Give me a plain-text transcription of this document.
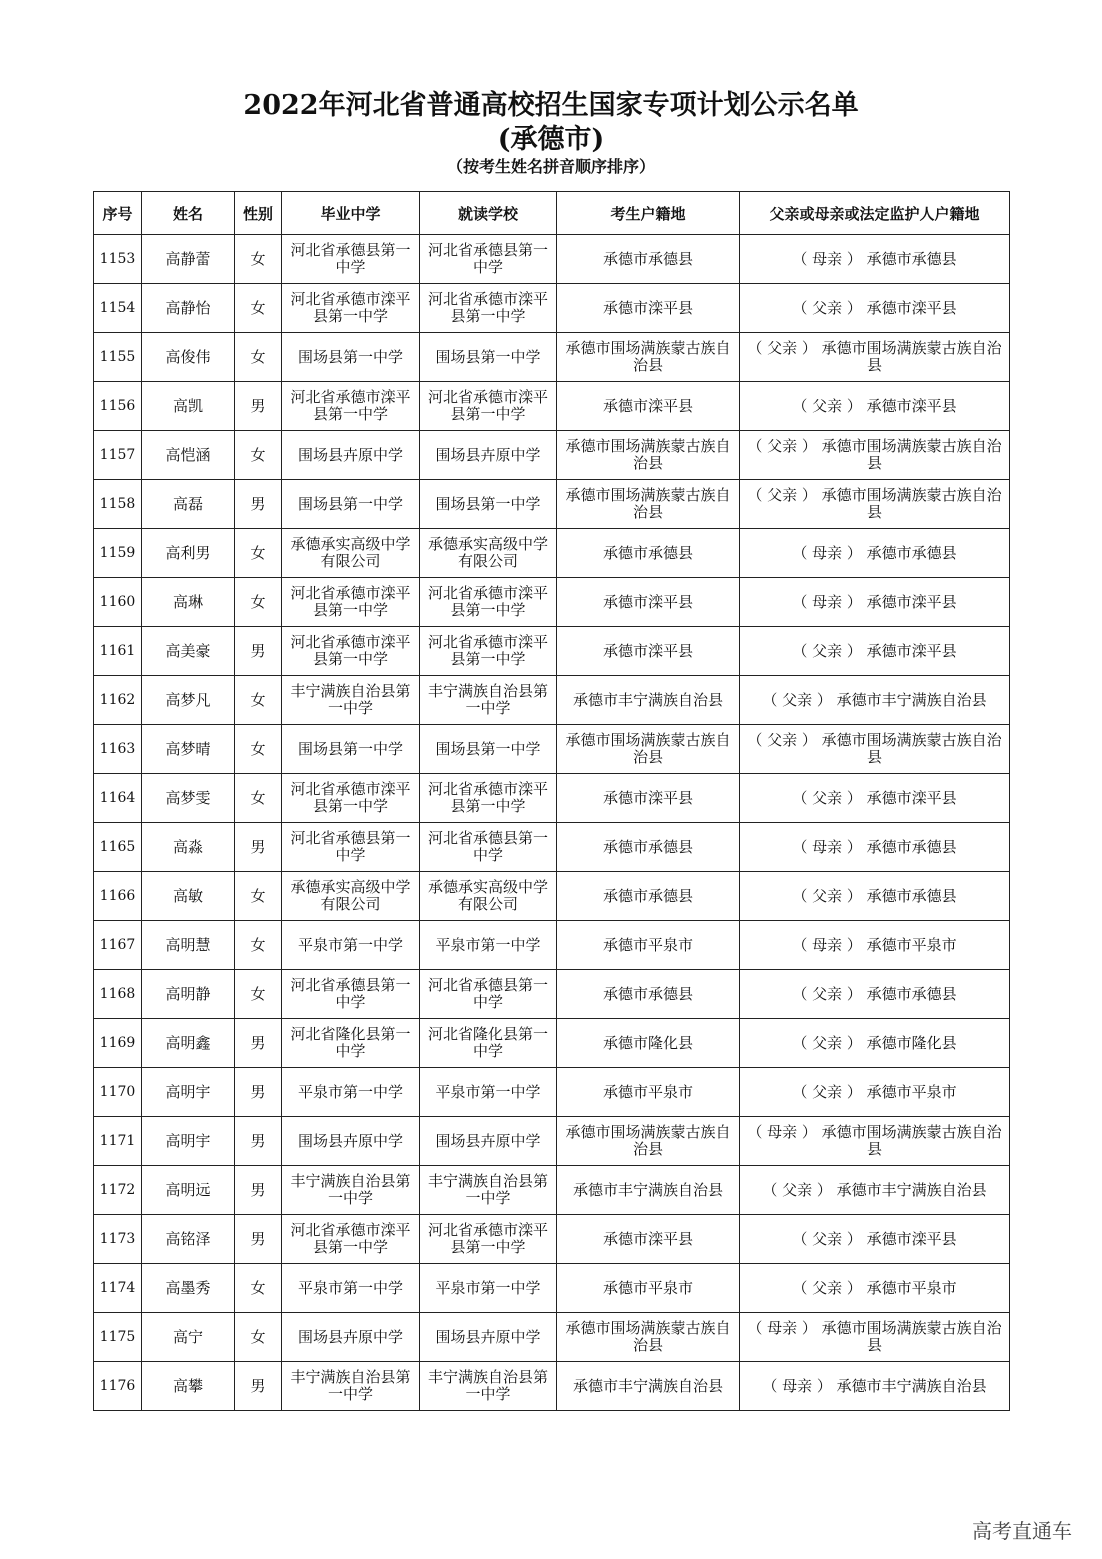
2022年河北省普通高校招生国家专项计划公示名单
(承德市)
（按考生姓名拼音顺序排序）
序号	姓名	性别	毕业中学	就读学校	考生户籍地	父亲或母亲或法定监护人户籍地
1153	高静蕾	女	河北省承德县第一中学	河北省承德县第一中学	承德市承德县	（ 母亲 ） 承德市承德县
1154	高静怡	女	河北省承德市滦平县第一中学	河北省承德市滦平县第一中学	承德市滦平县	（ 父亲 ） 承德市滦平县
1155	高俊伟	女	围场县第一中学	围场县第一中学	承德市围场满族蒙古族自治县	（ 父亲 ） 承德市围场满族蒙古族自治县
1156	高凯	男	河北省承德市滦平县第一中学	河北省承德市滦平县第一中学	承德市滦平县	（ 父亲 ） 承德市滦平县
1157	高恺涵	女	围场县卉原中学	围场县卉原中学	承德市围场满族蒙古族自治县	（ 父亲 ） 承德市围场满族蒙古族自治县
1158	高磊	男	围场县第一中学	围场县第一中学	承德市围场满族蒙古族自治县	（ 父亲 ） 承德市围场满族蒙古族自治县
1159	高利男	女	承德承实高级中学有限公司	承德承实高级中学有限公司	承德市承德县	（ 母亲 ） 承德市承德县
1160	高琳	女	河北省承德市滦平县第一中学	河北省承德市滦平县第一中学	承德市滦平县	（ 母亲 ） 承德市滦平县
1161	高美豪	男	河北省承德市滦平县第一中学	河北省承德市滦平县第一中学	承德市滦平县	（ 父亲 ） 承德市滦平县
1162	高梦凡	女	丰宁满族自治县第一中学	丰宁满族自治县第一中学	承德市丰宁满族自治县	（ 父亲 ） 承德市丰宁满族自治县
1163	高梦晴	女	围场县第一中学	围场县第一中学	承德市围场满族蒙古族自治县	（ 父亲 ） 承德市围场满族蒙古族自治县
1164	高梦雯	女	河北省承德市滦平县第一中学	河北省承德市滦平县第一中学	承德市滦平县	（ 父亲 ） 承德市滦平县
1165	高淼	男	河北省承德县第一中学	河北省承德县第一中学	承德市承德县	（ 母亲 ） 承德市承德县
1166	高敏	女	承德承实高级中学有限公司	承德承实高级中学有限公司	承德市承德县	（ 父亲 ） 承德市承德县
1167	高明慧	女	平泉市第一中学	平泉市第一中学	承德市平泉市	（ 母亲 ） 承德市平泉市
1168	高明静	女	河北省承德县第一中学	河北省承德县第一中学	承德市承德县	（ 父亲 ） 承德市承德县
1169	高明鑫	男	河北省隆化县第一中学	河北省隆化县第一中学	承德市隆化县	（ 父亲 ） 承德市隆化县
1170	高明宇	男	平泉市第一中学	平泉市第一中学	承德市平泉市	（ 父亲 ） 承德市平泉市
1171	高明宇	男	围场县卉原中学	围场县卉原中学	承德市围场满族蒙古族自治县	（ 母亲 ） 承德市围场满族蒙古族自治县
1172	高明远	男	丰宁满族自治县第一中学	丰宁满族自治县第一中学	承德市丰宁满族自治县	（ 父亲 ） 承德市丰宁满族自治县
1173	高铭泽	男	河北省承德市滦平县第一中学	河北省承德市滦平县第一中学	承德市滦平县	（ 父亲 ） 承德市滦平县
1174	高墨秀	女	平泉市第一中学	平泉市第一中学	承德市平泉市	（ 父亲 ） 承德市平泉市
1175	高宁	女	围场县卉原中学	围场县卉原中学	承德市围场满族蒙古族自治县	（ 母亲 ） 承德市围场满族蒙古族自治县
1176	高攀	男	丰宁满族自治县第一中学	丰宁满族自治县第一中学	承德市丰宁满族自治县	（ 母亲 ） 承德市丰宁满族自治县
高考直通车
